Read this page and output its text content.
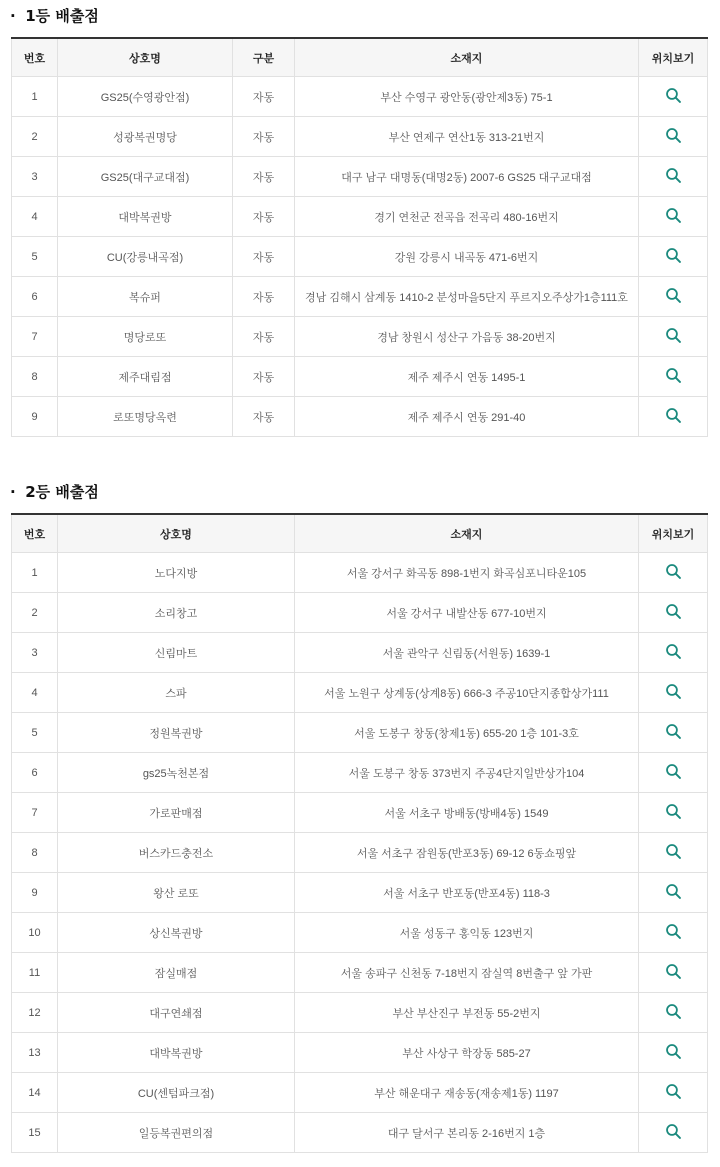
· 1등 배출점
번호	상호명	구분	소재지	위치보기
1	GS25(수영광안점)	자동	부산 수영구 광안동(광안제3동) 75-1	
2	성광복권명당	자동	부산 연제구 연산1동 313-21번지	
3	GS25(대구교대점)	자동	대구 남구 대명동(대명2동) 2007-6 GS25 대구교대점	
4	대박복권방	자동	경기 연천군 전곡읍 전곡리 480-16번지	
5	CU(강릉내곡점)	자동	강원 강릉시 내곡동 471-6번지	
6	복슈퍼	자동	경남 김해시 삼계동 1410-2 분성마을5단지 푸르지오주상가1층111호	
7	명당로또	자동	경남 창원시 성산구 가음동 38-20번지	
8	제주대림점	자동	제주 제주시 연동 1495-1	
9	로또명당옥련	자동	제주 제주시 연동 291-40	
· 2등 배출점
번호	상호명	소재지	위치보기
1	노다지방	서울 강서구 화곡동 898-1번지 화곡심포니타운105	
2	소리창고	서울 강서구 내발산동 677-10번지	
3	신림마트	서울 관악구 신림동(서원동) 1639-1	
4	스파	서울 노원구 상계동(상계8동) 666-3 주공10단지종합상가111	
5	정원복권방	서울 도봉구 창동(창제1동) 655-20 1층 101-3호	
6	gs25녹천본점	서울 도봉구 창동 373번지 주공4단지일반상가104	
7	가로판매점	서울 서초구 방배동(방배4동) 1549	
8	버스카드충전소	서울 서초구 잠원동(반포3동) 69-12 6동쇼핑앞	
9	왕산 로또	서울 서초구 반포동(반포4동) 118-3	
10	상신복권방	서울 성동구 홍익동 123번지	
11	잠실매점	서울 송파구 신천동 7-18번지 잠실역 8번출구 앞 가판	
12	대구연쇄점	부산 부산진구 부전동 55-2번지	
13	대박복권방	부산 사상구 학장동 585-27	
14	CU(센텀파크점)	부산 해운대구 재송동(재송제1동) 1197	
15	일등복권편의점	대구 달서구 본리동 2-16번지 1층	
